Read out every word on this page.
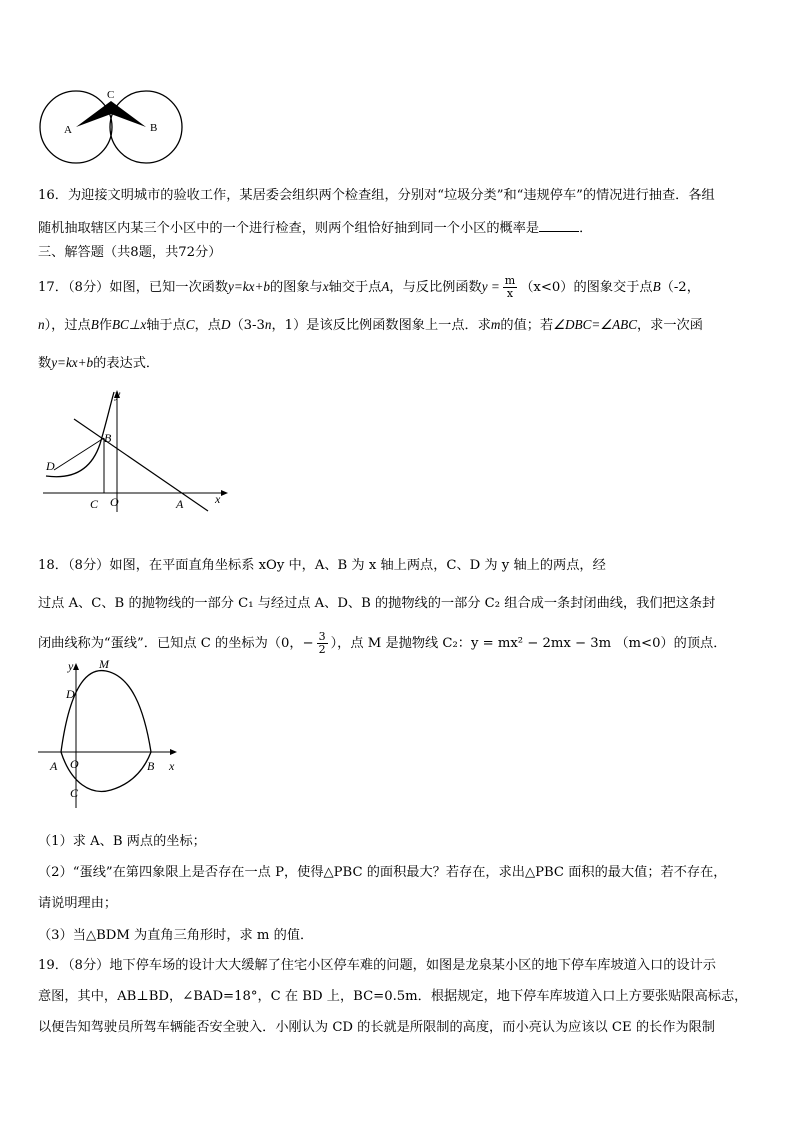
C
A	B
16．为迎接文明城市的验收工作，某居委会组织两个检查组，分别对“垃圾分类”和“违规停车”的情况进行抽查．各组
随机抽取辖区内某三个小区中的一个进行检查，则两个组恰好抽到同一个小区的概率是	．
三、解答题（共8题，共72分）
17．（8分）如图，已知一次函数y=kx+b的图象与x轴交于点A，与反比例函数$y = \frac{m}{x} (x<0)$的图象交于点B（-2，
n），过点B作BC⊥x轴于点C，点D（3-3n，1）是该反比例函数图象上一点．求m的值；若∠DBC=∠ABC，求一次函
数y=kx+b的表达式．
y
B
D
C O	A	x
18．（8分）如图，在平面直角坐标系 xOy 中，A、B 为 x 轴上两点，C、D 为 y 轴上的两点，经
过点 A、C、B 的抛物线的一部分 C₁ 与经过点 A、D、B 的抛物线的一部分 C₂ 组合成一条封闭曲线，我们把这条封
闭曲线称为“蛋线”．已知点 C 的坐标为（0，− $\frac{3}{2}$ ），点 M 是抛物线 C₂：y = mx² − 2mx − 3m （m<0）的顶点．
y M
D
A O	B x
C
（1）求 A、B 两点的坐标；
（2）“蛋线”在第四象限上是否存在一点 P，使得△PBC 的面积最大？若存在，求出△PBC 面积的最大值；若不存在，
请说明理由；
（3）当△BDM 为直角三角形时，求 m 的值．
19．（8分）地下停车场的设计大大缓解了住宅小区停车难的问题，如图是龙泉某小区的地下停车库坡道入口的设计示
意图，其中，AB⊥BD，∠BAD=18°，C 在 BD 上，BC=0.5m．根据规定，地下停车库坡道入口上方要张贴限高标志，
以便告知驾驶员所驾车辆能否安全驶入．小刚认为 CD 的长就是所限制的高度，而小亮认为应该以 CE 的长作为限制
